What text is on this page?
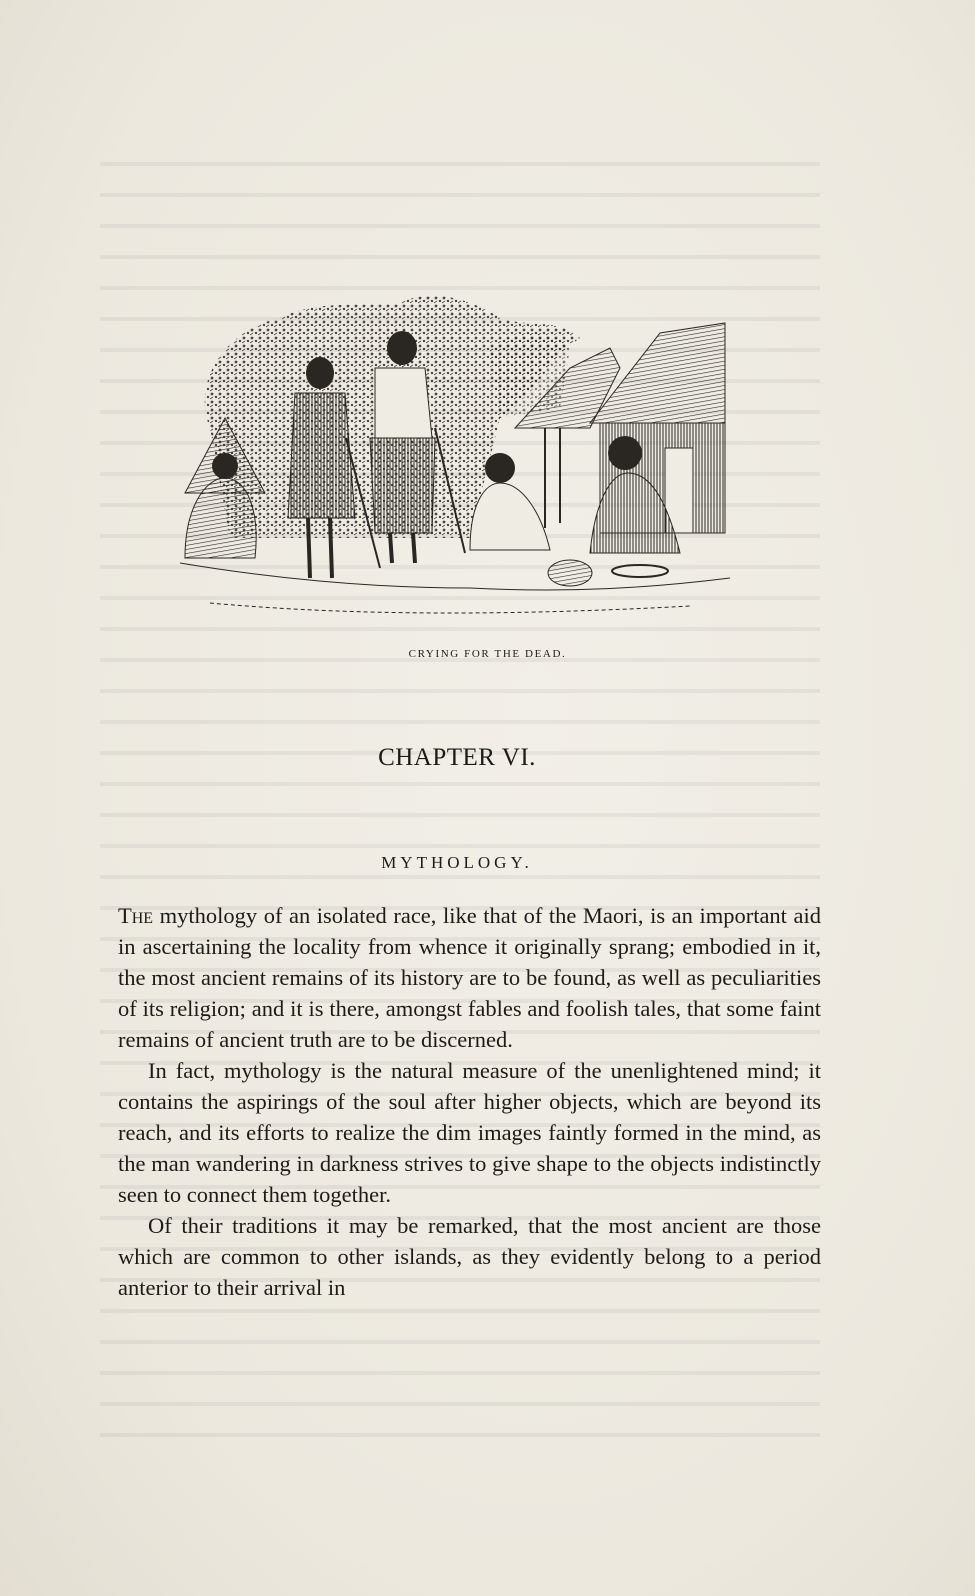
CRYING FOR THE DEAD.
CHAPTER VI.
MYTHOLOGY.

The mythology of an isolated race, like that of the Maori, is an important aid in ascertaining the locality from whence it originally sprang; embodied in it, the most ancient remains of its history are to be found, as well as peculiarities of its religion; and it is there, amongst fables and foolish tales, that some faint remains of ancient truth are to be discerned.

In fact, mythology is the natural measure of the unenlightened mind; it contains the aspirings of the soul after higher objects, which are beyond its reach, and its efforts to realize the dim images faintly formed in the mind, as the man wandering in darkness strives to give shape to the objects indistinctly seen to connect them together.

Of their traditions it may be remarked, that the most ancient are those which are common to other islands, as they evidently belong to a period anterior to their arrival in
